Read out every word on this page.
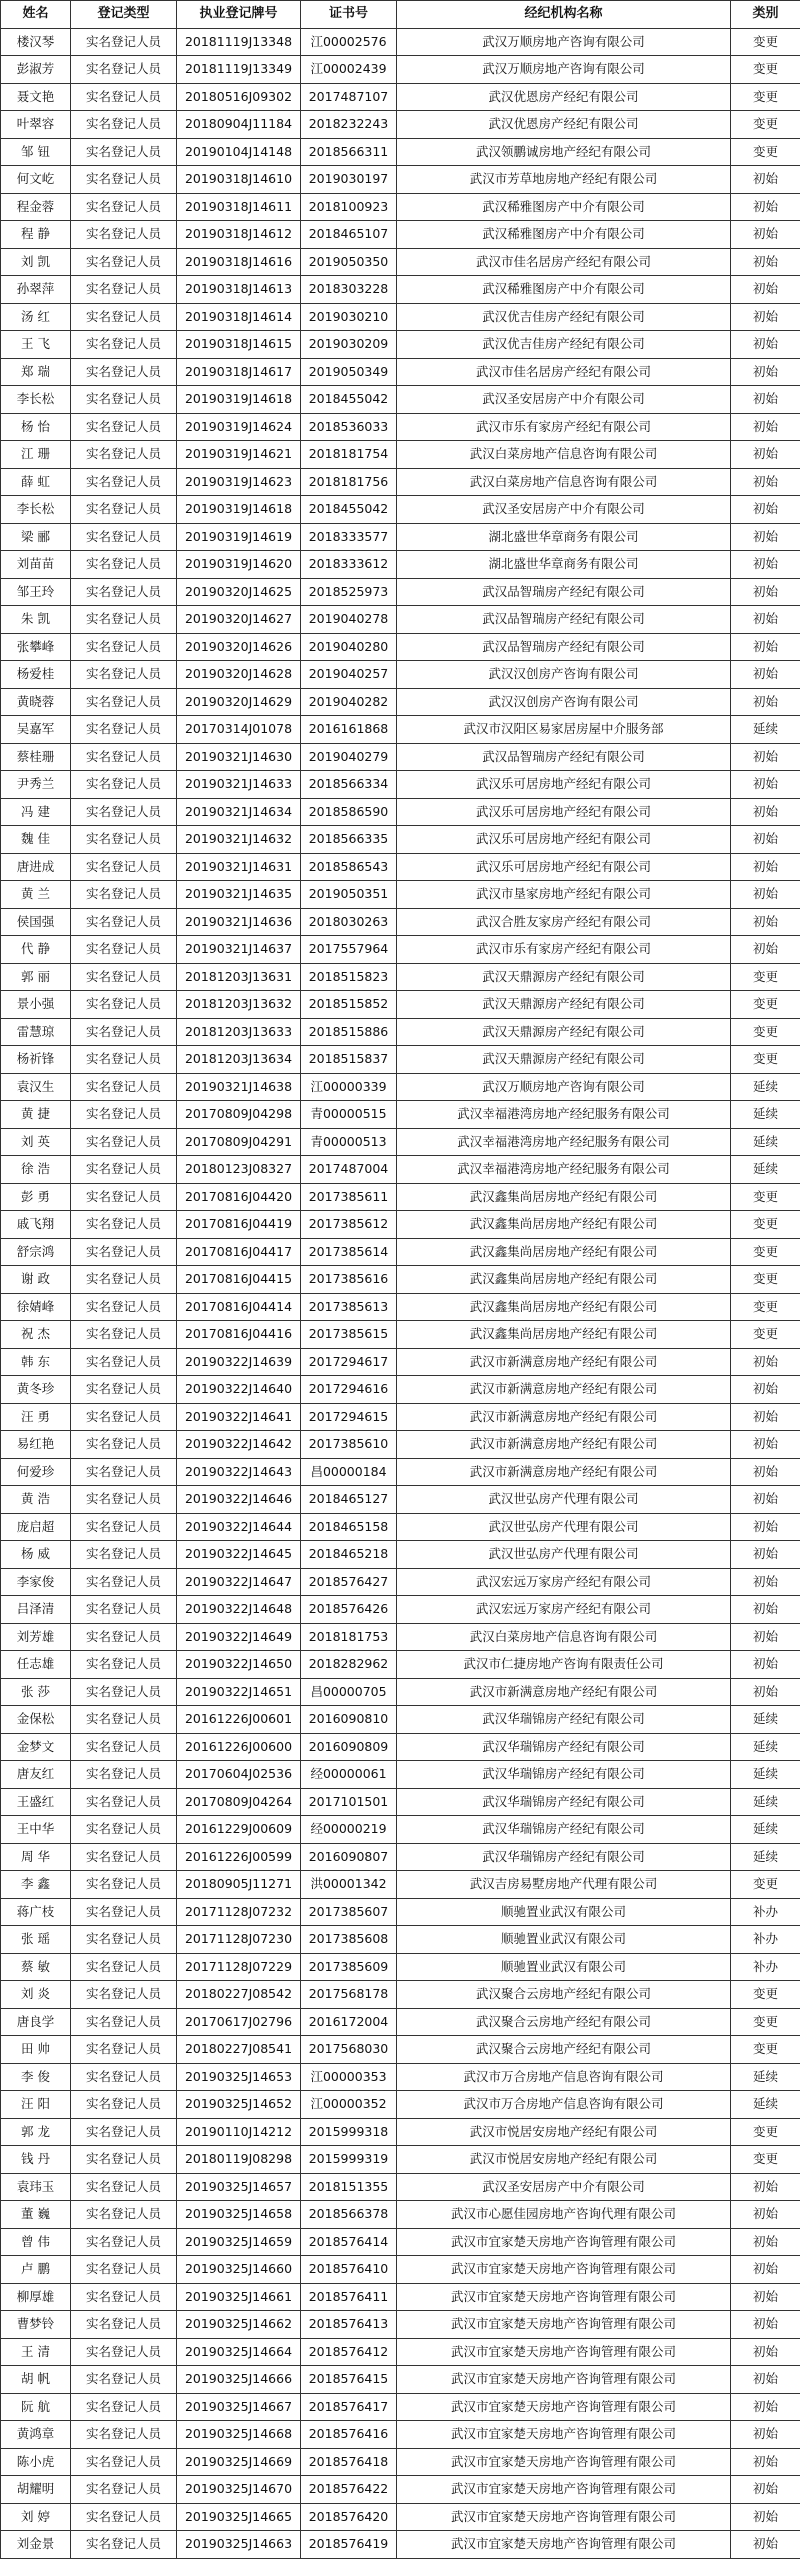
姓名	登记类型	执业登记牌号	证书号	经纪机构名称	类别
楼汉琴	实名登记人员	20181119J13348	江00002576	武汉万顺房地产咨询有限公司	变更
彭淑芳	实名登记人员	20181119J13349	江00002439	武汉万顺房地产咨询有限公司	变更
聂文艳	实名登记人员	20180516J09302	2017487107	武汉优恩房产经纪有限公司	变更
叶翠容	实名登记人员	20180904J11184	2018232243	武汉优恩房产经纪有限公司	变更
邹 钮	实名登记人员	20190104J14148	2018566311	武汉领鹏诚房地产经纪有限公司	变更
何文屹	实名登记人员	20190318J14610	2019030197	武汉市芳草地房地产经纪有限公司	初始
程金蓉	实名登记人员	20190318J14611	2018100923	武汉稀雅图房产中介有限公司	初始
程 静	实名登记人员	20190318J14612	2018465107	武汉稀雅图房产中介有限公司	初始
刘 凯	实名登记人员	20190318J14616	2019050350	武汉市佳名居房产经纪有限公司	初始
孙翠萍	实名登记人员	20190318J14613	2018303228	武汉稀雅图房产中介有限公司	初始
汤 红	实名登记人员	20190318J14614	2019030210	武汉优吉佳房产经纪有限公司	初始
王 飞	实名登记人员	20190318J14615	2019030209	武汉优吉佳房产经纪有限公司	初始
郑 瑞	实名登记人员	20190318J14617	2019050349	武汉市佳名居房产经纪有限公司	初始
李长松	实名登记人员	20190319J14618	2018455042	武汉圣安居房产中介有限公司	初始
杨 怡	实名登记人员	20190319J14624	2018536033	武汉市乐有家房产经纪有限公司	初始
江 珊	实名登记人员	20190319J14621	2018181754	武汉白菜房地产信息咨询有限公司	初始
薛 虹	实名登记人员	20190319J14623	2018181756	武汉白菜房地产信息咨询有限公司	初始
李长松	实名登记人员	20190319J14618	2018455042	武汉圣安居房产中介有限公司	初始
梁 郦	实名登记人员	20190319J14619	2018333577	湖北盛世华章商务有限公司	初始
刘苗苗	实名登记人员	20190319J14620	2018333612	湖北盛世华章商务有限公司	初始
邹王玲	实名登记人员	20190320J14625	2018525973	武汉品智瑞房产经纪有限公司	初始
朱 凯	实名登记人员	20190320J14627	2019040278	武汉品智瑞房产经纪有限公司	初始
张攀峰	实名登记人员	20190320J14626	2019040280	武汉品智瑞房产经纪有限公司	初始
杨爱桂	实名登记人员	20190320J14628	2019040257	武汉汉创房产咨询有限公司	初始
黄晓蓉	实名登记人员	20190320J14629	2019040282	武汉汉创房产咨询有限公司	初始
吴嘉军	实名登记人员	20170314J01078	2016161868	武汉市汉阳区易家居房屋中介服务部	延续
蔡桂珊	实名登记人员	20190321J14630	2019040279	武汉品智瑞房产经纪有限公司	初始
尹秀兰	实名登记人员	20190321J14633	2018566334	武汉乐可居房地产经纪有限公司	初始
冯 建	实名登记人员	20190321J14634	2018586590	武汉乐可居房地产经纪有限公司	初始
魏 佳	实名登记人员	20190321J14632	2018566335	武汉乐可居房地产经纪有限公司	初始
唐进成	实名登记人员	20190321J14631	2018586543	武汉乐可居房地产经纪有限公司	初始
黄 兰	实名登记人员	20190321J14635	2019050351	武汉市垦家房地产经纪有限公司	初始
侯国强	实名登记人员	20190321J14636	2018030263	武汉合胜友家房产经纪有限公司	初始
代 静	实名登记人员	20190321J14637	2017557964	武汉市乐有家房产经纪有限公司	初始
郭 丽	实名登记人员	20181203J13631	2018515823	武汉天鼎源房产经纪有限公司	变更
景小强	实名登记人员	20181203J13632	2018515852	武汉天鼎源房产经纪有限公司	变更
雷慧琼	实名登记人员	20181203J13633	2018515886	武汉天鼎源房产经纪有限公司	变更
杨祈锋	实名登记人员	20181203J13634	2018515837	武汉天鼎源房产经纪有限公司	变更
袁汉生	实名登记人员	20190321J14638	江00000339	武汉万顺房地产咨询有限公司	延续
黄 捷	实名登记人员	20170809J04298	青00000515	武汉幸福港湾房地产经纪服务有限公司	延续
刘 英	实名登记人员	20170809J04291	青00000513	武汉幸福港湾房地产经纪服务有限公司	延续
徐 浩	实名登记人员	20180123J08327	2017487004	武汉幸福港湾房地产经纪服务有限公司	延续
彭 勇	实名登记人员	20170816J04420	2017385611	武汉鑫集尚居房地产经纪有限公司	变更
戚飞翔	实名登记人员	20170816J04419	2017385612	武汉鑫集尚居房地产经纪有限公司	变更
舒宗鸿	实名登记人员	20170816J04417	2017385614	武汉鑫集尚居房地产经纪有限公司	变更
谢 政	实名登记人员	20170816J04415	2017385616	武汉鑫集尚居房地产经纪有限公司	变更
徐婧峰	实名登记人员	20170816J04414	2017385613	武汉鑫集尚居房地产经纪有限公司	变更
祝 杰	实名登记人员	20170816J04416	2017385615	武汉鑫集尚居房地产经纪有限公司	变更
韩 东	实名登记人员	20190322J14639	2017294617	武汉市新满意房地产经纪有限公司	初始
黄冬珍	实名登记人员	20190322J14640	2017294616	武汉市新满意房地产经纪有限公司	初始
汪 勇	实名登记人员	20190322J14641	2017294615	武汉市新满意房地产经纪有限公司	初始
易红艳	实名登记人员	20190322J14642	2017385610	武汉市新满意房地产经纪有限公司	初始
何爱珍	实名登记人员	20190322J14643	昌00000184	武汉市新满意房地产经纪有限公司	初始
黄 浩	实名登记人员	20190322J14646	2018465127	武汉世弘房产代理有限公司	初始
庞启超	实名登记人员	20190322J14644	2018465158	武汉世弘房产代理有限公司	初始
杨 威	实名登记人员	20190322J14645	2018465218	武汉世弘房产代理有限公司	初始
李家俊	实名登记人员	20190322J14647	2018576427	武汉宏远万家房产经纪有限公司	初始
吕泽清	实名登记人员	20190322J14648	2018576426	武汉宏远万家房产经纪有限公司	初始
刘芳雄	实名登记人员	20190322J14649	2018181753	武汉白菜房地产信息咨询有限公司	初始
任志雄	实名登记人员	20190322J14650	2018282962	武汉市仁捷房地产咨询有限责任公司	初始
张 莎	实名登记人员	20190322J14651	昌00000705	武汉市新满意房地产经纪有限公司	初始
金保松	实名登记人员	20161226J00601	2016090810	武汉华瑞锦房产经纪有限公司	延续
金梦文	实名登记人员	20161226J00600	2016090809	武汉华瑞锦房产经纪有限公司	延续
唐友红	实名登记人员	20170604J02536	经00000061	武汉华瑞锦房产经纪有限公司	延续
王盛红	实名登记人员	20170809J04264	2017101501	武汉华瑞锦房产经纪有限公司	延续
王中华	实名登记人员	20161229J00609	经00000219	武汉华瑞锦房产经纪有限公司	延续
周 华	实名登记人员	20161226J00599	2016090807	武汉华瑞锦房产经纪有限公司	延续
李 鑫	实名登记人员	20180905J11271	洪00001342	武汉吉房易墅房地产代理有限公司	变更
蒋广枝	实名登记人员	20171128J07232	2017385607	顺驰置业武汉有限公司	补办
张 瑶	实名登记人员	20171128J07230	2017385608	顺驰置业武汉有限公司	补办
蔡 敏	实名登记人员	20171128J07229	2017385609	顺驰置业武汉有限公司	补办
刘 炎	实名登记人员	20180227J08542	2017568178	武汉聚合云房地产经纪有限公司	变更
唐良学	实名登记人员	20170617J02796	2016172004	武汉聚合云房地产经纪有限公司	变更
田 帅	实名登记人员	20180227J08541	2017568030	武汉聚合云房地产经纪有限公司	变更
李 俊	实名登记人员	20190325J14653	江00000353	武汉市万合房地产信息咨询有限公司	延续
汪 阳	实名登记人员	20190325J14652	江00000352	武汉市万合房地产信息咨询有限公司	延续
郭 龙	实名登记人员	20190110J14212	2015999318	武汉市悦居安房地产经纪有限公司	变更
钱 丹	实名登记人员	20180119J08298	2015999319	武汉市悦居安房地产经纪有限公司	变更
袁玮玉	实名登记人员	20190325J14657	2018151355	武汉圣安居房产中介有限公司	初始
董 巍	实名登记人员	20190325J14658	2018566378	武汉市心愿佳园房地产咨询代理有限公司	初始
曾 伟	实名登记人员	20190325J14659	2018576414	武汉市宜家楚天房地产咨询管理有限公司	初始
卢 鹏	实名登记人员	20190325J14660	2018576410	武汉市宜家楚天房地产咨询管理有限公司	初始
柳厚雄	实名登记人员	20190325J14661	2018576411	武汉市宜家楚天房地产咨询管理有限公司	初始
曹梦铃	实名登记人员	20190325J14662	2018576413	武汉市宜家楚天房地产咨询管理有限公司	初始
王 清	实名登记人员	20190325J14664	2018576412	武汉市宜家楚天房地产咨询管理有限公司	初始
胡 帆	实名登记人员	20190325J14666	2018576415	武汉市宜家楚天房地产咨询管理有限公司	初始
阮 航	实名登记人员	20190325J14667	2018576417	武汉市宜家楚天房地产咨询管理有限公司	初始
黄鸿章	实名登记人员	20190325J14668	2018576416	武汉市宜家楚天房地产咨询管理有限公司	初始
陈小虎	实名登记人员	20190325J14669	2018576418	武汉市宜家楚天房地产咨询管理有限公司	初始
胡耀明	实名登记人员	20190325J14670	2018576422	武汉市宜家楚天房地产咨询管理有限公司	初始
刘 婷	实名登记人员	20190325J14665	2018576420	武汉市宜家楚天房地产咨询管理有限公司	初始
刘金景	实名登记人员	20190325J14663	2018576419	武汉市宜家楚天房地产咨询管理有限公司	初始
